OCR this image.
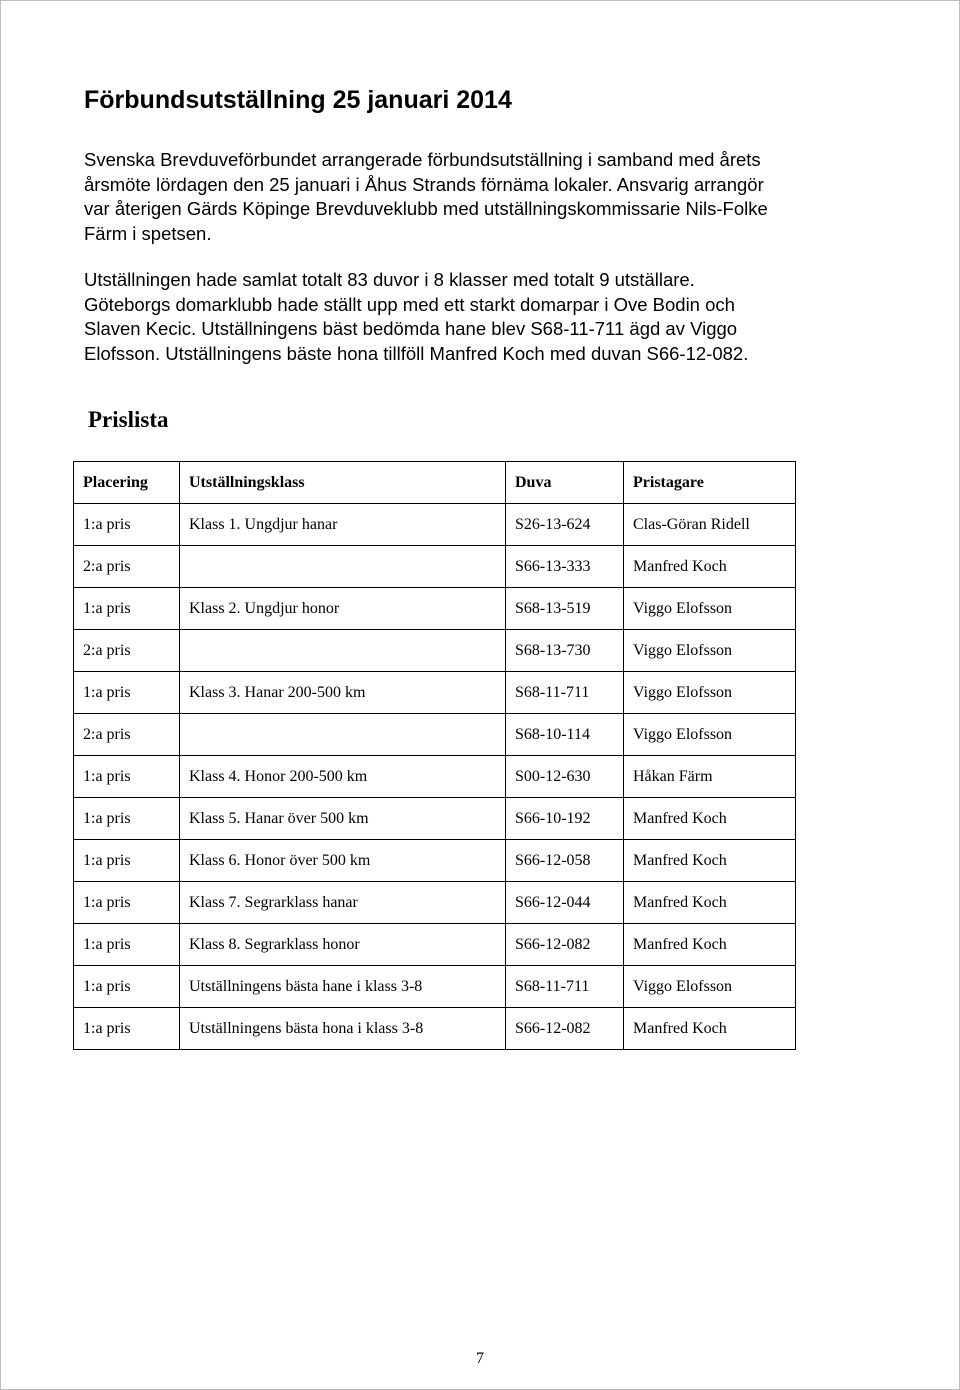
Förbundsutställning 25 januari 2014

Svenska Brevduveförbundet arrangerade förbundsutställning i samband med årets
årsmöte lördagen den 25 januari i Åhus Strands förnäma lokaler. Ansvarig arrangör
var återigen Gärds Köpinge Brevduveklubb med utställningskommissarie Nils-Folke
Färm i spetsen.

Utställningen hade samlat totalt 83 duvor i 8 klasser med totalt 9 utställare.
Göteborgs domarklubb hade ställt upp med ett starkt domarpar i Ove Bodin och
Slaven Kecic. Utställningens bäst bedömda hane blev S68-11-711 ägd av Viggo
Elofsson. Utställningens bäste hona tillföll Manfred Koch med duvan S66-12-082.

Prislista
Placering	Utställningsklass	Duva	Pristagare
1:a pris	Klass 1. Ungdjur hanar	S26-13-624	Clas-Göran Ridell
2:a pris		S66-13-333	Manfred Koch
1:a pris	Klass 2. Ungdjur honor	S68-13-519	Viggo Elofsson
2:a pris		S68-13-730	Viggo Elofsson
1:a pris	Klass 3. Hanar 200-500 km	S68-11-711	Viggo Elofsson
2:a pris		S68-10-114	Viggo Elofsson
1:a pris	Klass 4. Honor 200-500 km	S00-12-630	Håkan Färm
1:a pris	Klass 5. Hanar över 500 km	S66-10-192	Manfred Koch
1:a pris	Klass 6. Honor över 500 km	S66-12-058	Manfred Koch
1:a pris	Klass 7. Segrarklass hanar	S66-12-044	Manfred Koch
1:a pris	Klass 8. Segrarklass honor	S66-12-082	Manfred Koch
1:a pris	Utställningens bästa hane i klass 3-8	S68-11-711	Viggo Elofsson
1:a pris	Utställningens bästa hona i klass 3-8	S66-12-082	Manfred Koch
7
